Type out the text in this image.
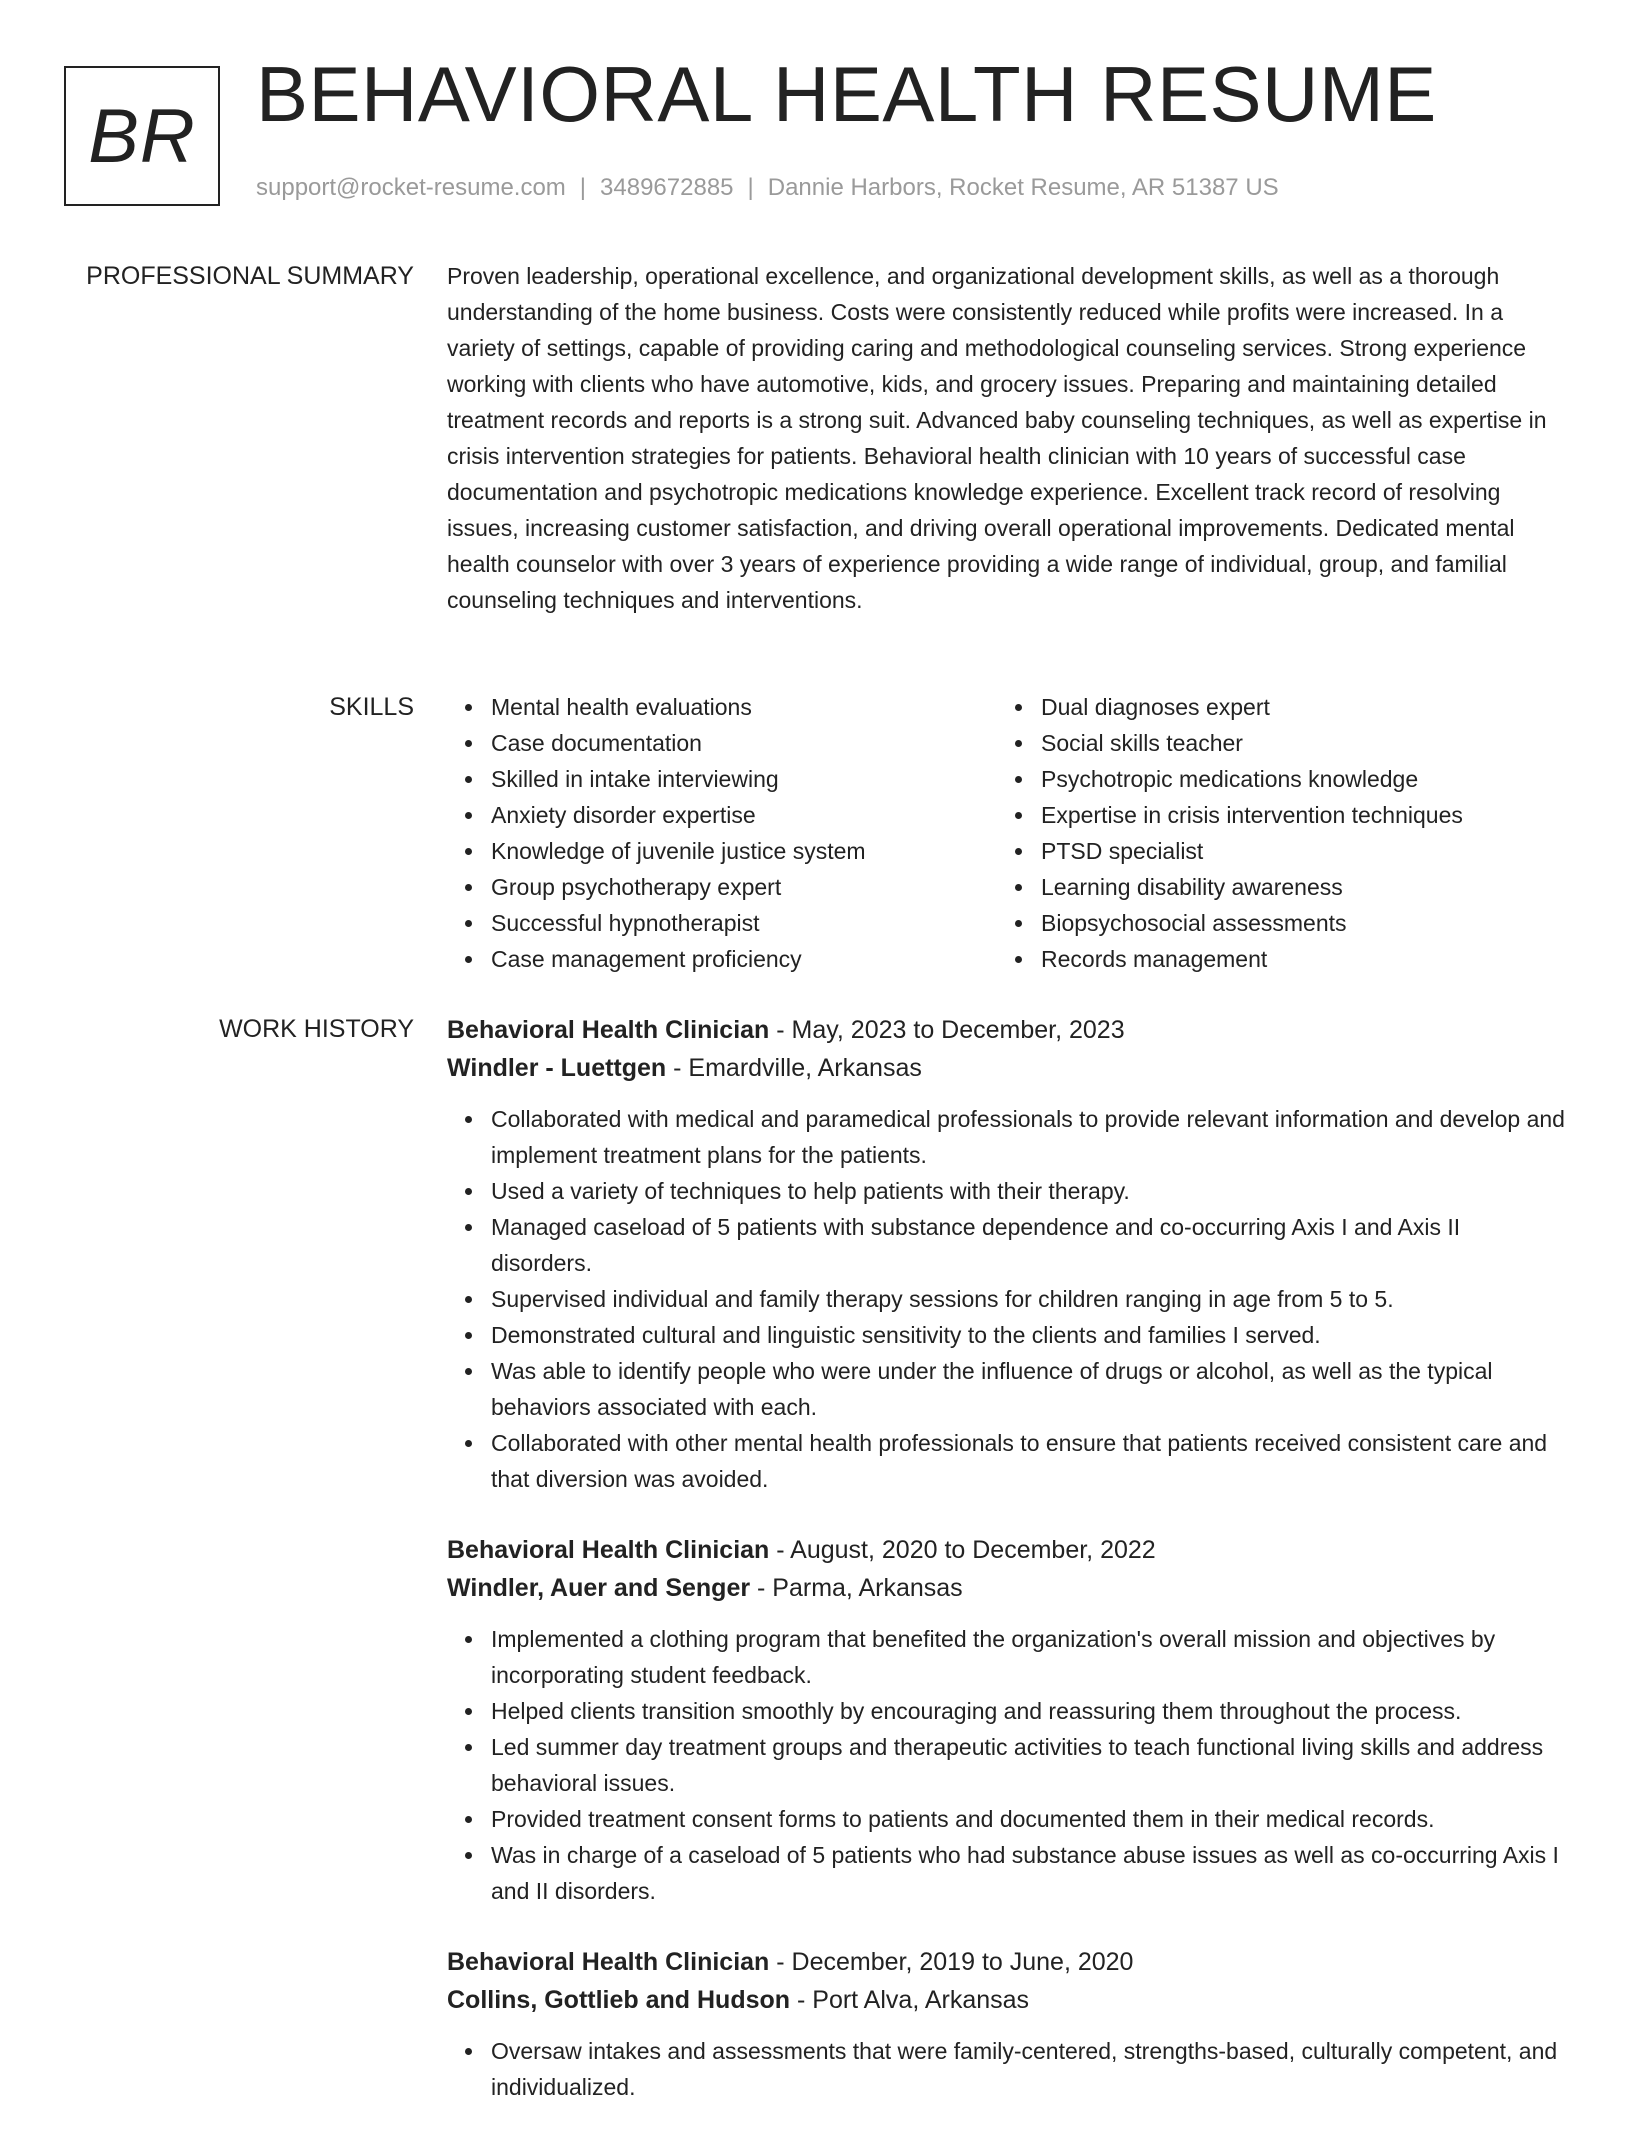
BR BEHAVIORAL HEALTH RESUME
support@rocket-resume.com | 3489672885 | Dannie Harbors, Rocket Resume, AR 51387 US
PROFESSIONAL SUMMARY Proven leadership, operational excellence, and organizational development skills, as well as a thorough understanding of the home business. Costs were consistently reduced while profits were increased. In a variety of settings, capable of providing caring and methodological counseling services. Strong experience working with clients who have automotive, kids, and grocery issues. Preparing and maintaining detailed treatment records and reports is a strong suit. Advanced baby counseling techniques, as well as expertise in crisis intervention strategies for patients. Behavioral health clinician with 10 years of successful case documentation and psychotropic medications knowledge experience. Excellent track record of resolving issues, increasing customer satisfaction, and driving overall operational improvements. Dedicated mental health counselor with over 3 years of experience providing a wide range of individual, group, and familial counseling techniques and interventions.

SKILLS	Mental health evaluations
Case documentation
Skilled in intake interviewing
Anxiety disorder expertise
Knowledge of juvenile justice system
Group psychotherapy expert
Successful hypnotherapist
Case management proficiency
Dual diagnoses expert
Social skills teacher
Psychotropic medications knowledge
Expertise in crisis intervention techniques
PTSD specialist
Learning disability awareness
Biopsychosocial assessments
Records management
WORK HISTORY Behavioral Health Clinician - May, 2023 to December, 2023
Windler - Luettgen - Emardville, Arkansas
Collaborated with medical and paramedical professionals to provide relevant information and develop and implement treatment plans for the patients.
Used a variety of techniques to help patients with their therapy.
Managed caseload of 5 patients with substance dependence and co-occurring Axis I and Axis II disorders.
Supervised individual and family therapy sessions for children ranging in age from 5 to 5.
Demonstrated cultural and linguistic sensitivity to the clients and families I served.
Was able to identify people who were under the influence of drugs or alcohol, as well as the typical behaviors associated with each.
Collaborated with other mental health professionals to ensure that patients received consistent care and that diversion was avoided.
Behavioral Health Clinician - August, 2020 to December, 2022
Windler, Auer and Senger - Parma, Arkansas
Implemented a clothing program that benefited the organization's overall mission and objectives by incorporating student feedback.
Helped clients transition smoothly by encouraging and reassuring them throughout the process.
Led summer day treatment groups and therapeutic activities to teach functional living skills and address behavioral issues.
Provided treatment consent forms to patients and documented them in their medical records.
Was in charge of a caseload of 5 patients who had substance abuse issues as well as co-occurring Axis I and II disorders.
Behavioral Health Clinician - December, 2019 to June, 2020
Collins, Gottlieb and Hudson - Port Alva, Arkansas
Oversaw intakes and assessments that were family-centered, strengths-based, culturally competent, and individualized.
